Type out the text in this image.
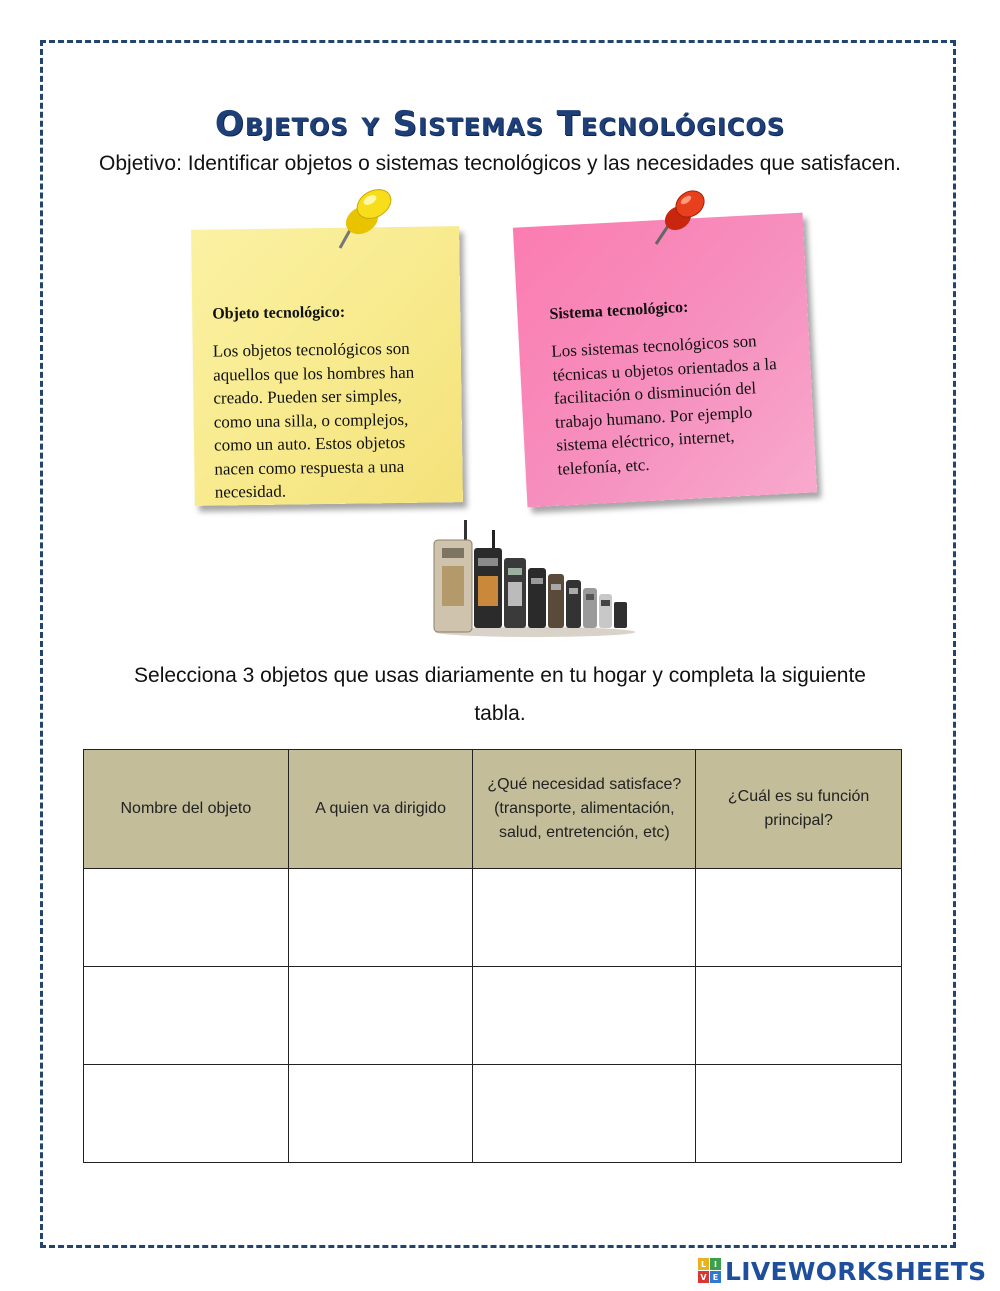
Objetos y Sistemas Tecnológicos
Objetivo: Identificar objetos o sistemas tecnológicos y las necesidades que satisfacen.
Objeto tecnológico:
Los objetos tecnológicos son aquellos que los hombres han creado. Pueden ser simples, como una silla, o complejos, como un auto. Estos objetos nacen como respuesta a una necesidad.
Sistema tecnológico:
Los sistemas tecnológicos son técnicas u objetos orientados a la facilitación o disminución del trabajo humano. Por ejemplo sistema eléctrico, internet, telefonía, etc.
Selecciona 3 objetos que usas diariamente en tu hogar y completa la siguiente tabla.
Nombre del objeto	A quien va dirigido	¿Qué necesidad satisface? (transporte, alimentación, salud, entretención, etc)	¿Cuál es su función principal?

L I
V E LIVEWORKSHEETS
